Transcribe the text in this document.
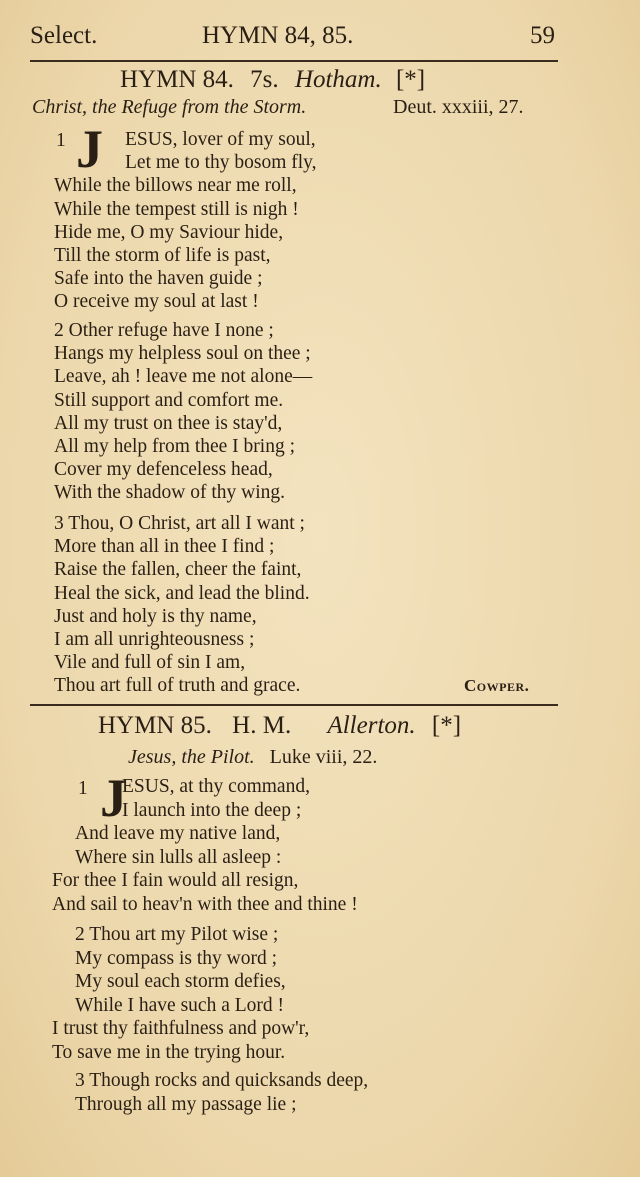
Select.	HYMN 84, 85.	59
HYMN 84. 7s. Hotham. [*]
Christ, the Refuge from the Storm.	Deut. xxxiii, 27.
1 J ESUS, lover of my soul,
Let me to thy bosom fly,
While the billows near me roll,
While the tempest still is nigh !
Hide me, O my Saviour hide,
Till the storm of life is past,
Safe into the haven guide ;
O receive my soul at last !
2 Other refuge have I none ;
Hangs my helpless soul on thee ;
Leave, ah ! leave me not alone—
Still support and comfort me.
All my trust on thee is stay'd,
All my help from thee I bring ;
Cover my defenceless head,
With the shadow of thy wing.
3 Thou, O Christ, art all I want ;
More than all in thee I find ;
Raise the fallen, cheer the faint,
Heal the sick, and lead the blind.
Just and holy is thy name,
I am all unrighteousness ;
Vile and full of sin I am,
Thou art full of truth and grace.	Cowper.
HYMN 85. H. M. Allerton. [*]
Jesus, the Pilot. Luke viii, 22.
1 J
ESUS, at thy command,
I launch into the deep ;
And leave my native land,
Where sin lulls all asleep :
For thee I fain would all resign,
And sail to heav'n with thee and thine !
2 Thou art my Pilot wise ;
My compass is thy word ;
My soul each storm defies,
While I have such a Lord !
I trust thy faithfulness and pow'r,
To save me in the trying hour.
3 Though rocks and quicksands deep,
Through all my passage lie ;
